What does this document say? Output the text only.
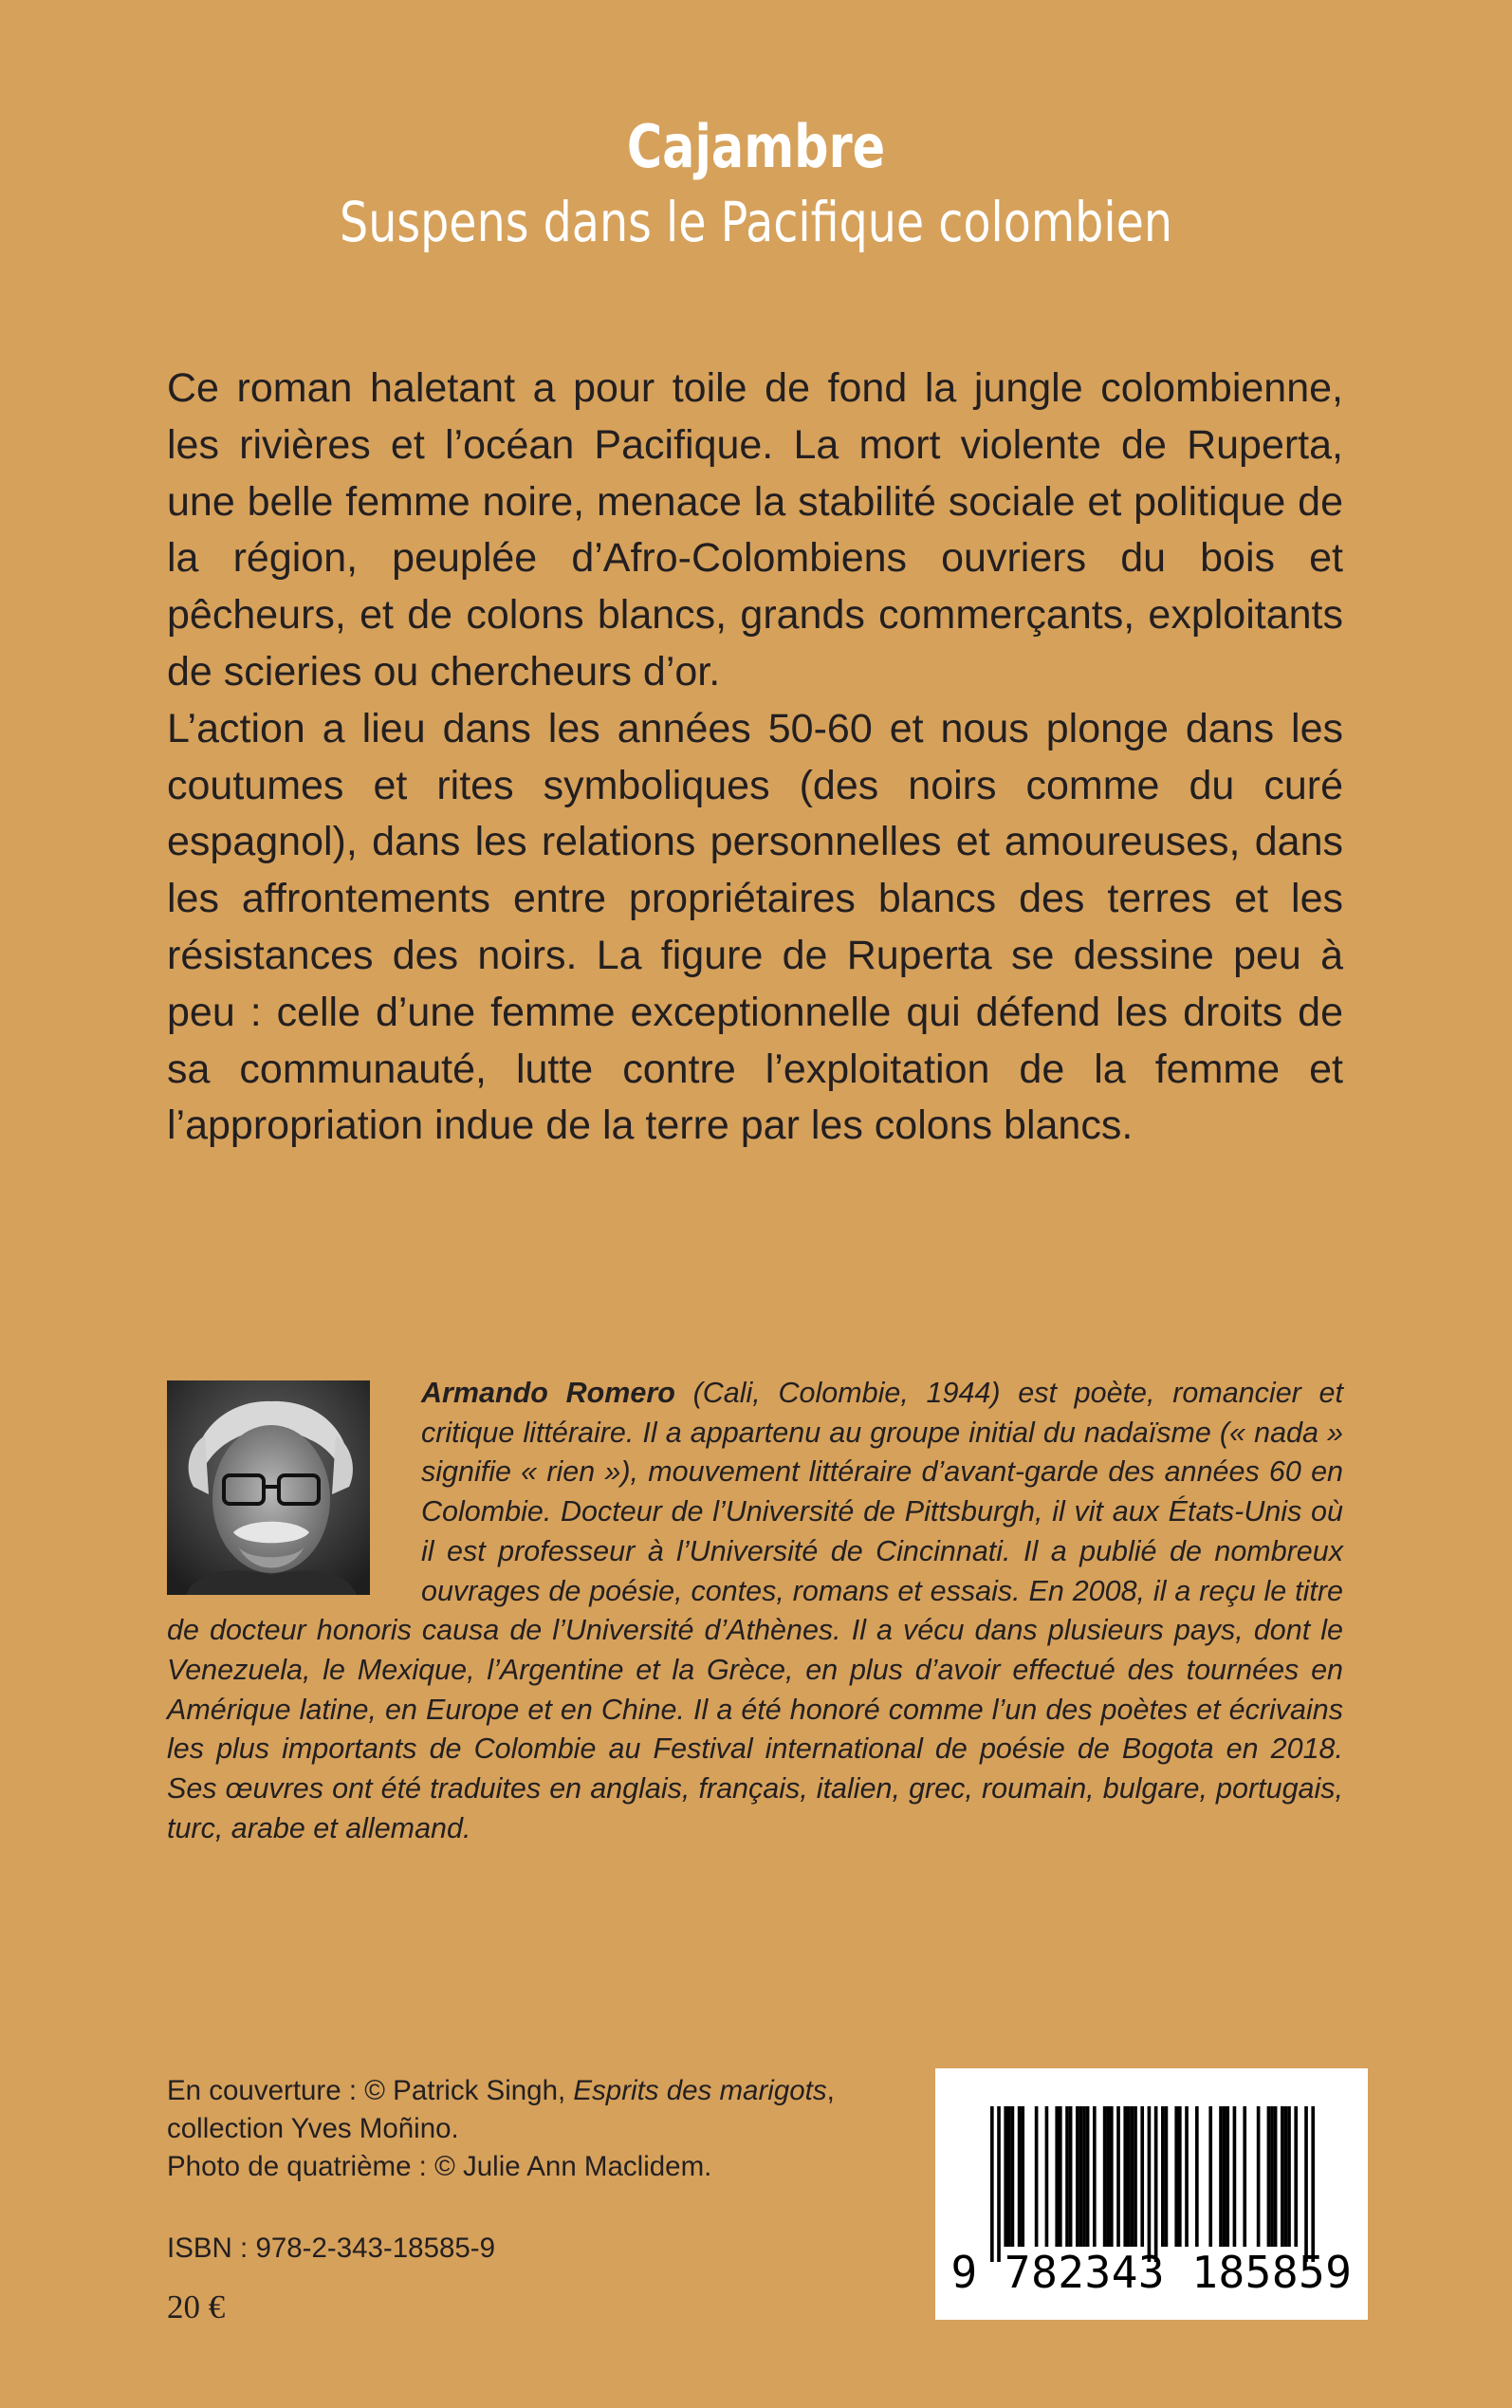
Cajambre
Suspens dans le Pacifique colombien

Ce roman haletant a pour toile de fond la jungle colombienne, les rivières et l’océan Pacifique. La mort violente de Ruperta, une belle femme noire, menace la stabilité sociale et politique de la région, peuplée d’Afro-Colombiens ouvriers du bois et pêcheurs, et de colons blancs, grands commerçants, exploitants de scieries ou chercheurs d’or.

L’action a lieu dans les années 50-60 et nous plonge dans les coutumes et rites symboliques (des noirs comme du curé espagnol), dans les relations personnelles et amoureuses, dans les affrontements entre propriétaires blancs des terres et les résistances des noirs. La figure de Ruperta se dessine peu à peu : celle d’une femme exceptionnelle qui défend les droits de sa communauté, lutte contre l’exploitation de la femme et l’appropriation indue de la terre par les colons blancs.

Armando Romero (Cali, Colombie, 1944) est poète, romancier et critique littéraire. Il a appartenu au groupe initial du nadaïsme (« nada » signifie « rien »), mouvement littéraire d’avant-garde des années 60 en Colombie. Docteur de l’Université de Pittsburgh, il vit aux États-Unis où il est professeur à l’Université de Cincinnati. Il a publié de nombreux ouvrages de poésie, contes, romans et essais. En 2008, il a reçu le titre de docteur honoris causa de l’Université d’Athènes. Il a vécu dans plusieurs pays, dont le Venezuela, le Mexique, l’Argentine et la Grèce, en plus d’avoir effectué des tournées en Amérique latine, en Europe et en Chine. Il a été honoré comme l’un des poètes et écrivains les plus importants de Colombie au Festival international de poésie de Bogota en 2018. Ses œuvres ont été traduites en anglais, français, italien, grec, roumain, bulgare, portugais, turc, arabe et allemand.

En couverture : © Patrick Singh, Esprits des marigots,

collection Yves Moñino.

Photo de quatrième : © Julie Ann Maclidem.

ISBN : 978-2-343-18585-9
20 €
9 782343 185859
